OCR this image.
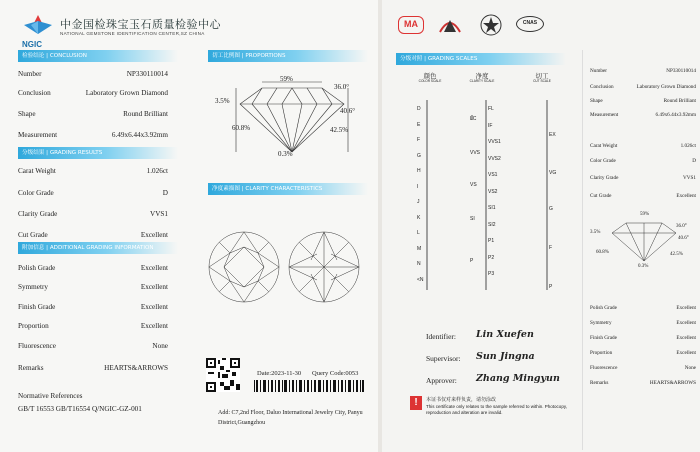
NGIC
中金国检珠宝玉石质量检验中心
NATIONAL GEMSTONE IDENTIFICATION CENTER,SZ CHINA
检验结论 | CONCLUSION
分级结果 | GRADING RESULTS
附加信息 | ADDITIONAL GRADING INFORMATION
切工比例图 | PROPORTIONS
净度素描图 | CLARITY CHARACTERISTICS
Number	NP330110014
Conclusion	Laboratory Grown Diamond
Shape	Round Brilliant
Measurement	6.49x6.44x3.92mm
Carat Weight	1.026ct
Color Grade	D
Clarity Grade	VVS1
Cut Grade	Excellent
Polish Grade	Excellent
Symmetry	Excellent
Finish Grade	Excellent
Proportion	Excellent
Fluorescence	None
Remarks	HEARTS&ARROWS
Normative References
GB/T 16553 GB/T16554 Q/NGIC-GZ-001
59%
36.0°
3.5%
40.6°
60.8%	42.5%
0.3%
Date:2023-11-30 Query Code:0053
Add: C7,2nd Floor, Daluo International Jewelry City, Panyu District,Guangzhou
MA	CNAS
分级对照 | GRADING SCALES
颜色
COLOR SCALE
净度
CLARITY SCALE
切工
CUT SCALE
Identifier: Lin Xuefen
Supervisor: Sun Jingna
Approver: Zhang Mingyun
!	本证书仅对来样负责，请勿涂改
This certificate only relates to the sample referred to within. Photocopy, reproduction and alteration are invalid.
Number	NP330110014
Conclusion	Laboratory Grown Diamond
Shape	Round Brilliant
Measurement	6.49x6.44x3.92mm
Carat Weight	1.026ct
Color Grade	D
Clarity Grade	VVS1
Cut Grade	Excellent
59%
36.0°
3.5%
40.6°
60.8%	42.5%
0.3%
Polish Grade	Excellent
Symmetry	Excellent
Finish Grade	Excellent
Proportion	Excellent
Fluorescence	None
Remarks	HEARTS&ARROWS
D
E
F
G
H
I
J
K
L
M
N
<N
FL
IF
VVS1
VVS2
VS1
VS2
SI1
SI2
P1
P2
P3
LC
VVS
VS
SI
P
EX
VG
G
F
P
